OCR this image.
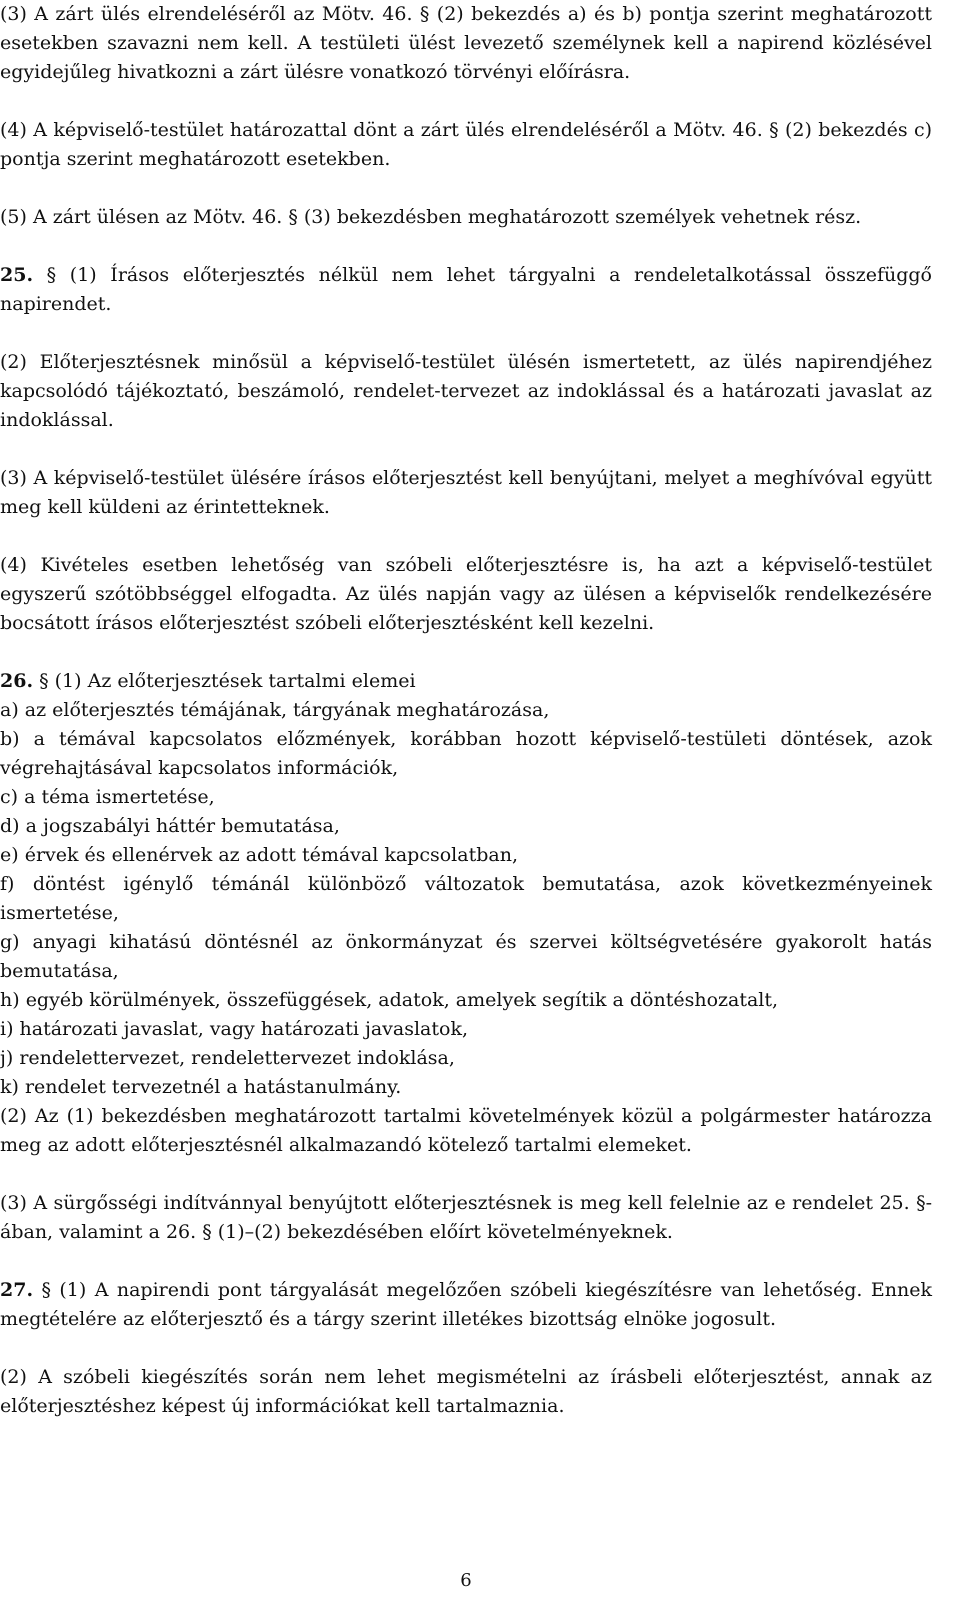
(3) A zárt ülés elrendeléséről az Mötv. 46. § (2) bekezdés a) és b) pontja szerint meghatározott esetekben szavazni nem kell. A testületi ülést levezető személynek kell a napirend közlésével egyidejűleg hivatkozni a zárt ülésre vonatkozó törvényi előírásra.

(4) A képviselő-testület határozattal dönt a zárt ülés elrendeléséről a Mötv. 46. § (2) bekezdés c) pontja szerint meghatározott esetekben.

(5) A zárt ülésen az Mötv. 46. § (3) bekezdésben meghatározott személyek vehetnek rész.

25. § (1) Írásos előterjesztés nélkül nem lehet tárgyalni a rendeletalkotással összefüggő napirendet.

(2) Előterjesztésnek minősül a képviselő-testület ülésén ismertetett, az ülés napirendjéhez kapcsolódó tájékoztató, beszámoló, rendelet-tervezet az indoklással és a határozati javaslat az indoklással.

(3) A képviselő-testület ülésére írásos előterjesztést kell benyújtani, melyet a meghívóval együtt meg kell küldeni az érintetteknek.

(4) Kivételes esetben lehetőség van szóbeli előterjesztésre is, ha azt a képviselő-testület egyszerű szótöbbséggel elfogadta. Az ülés napján vagy az ülésen a képviselők rendelkezésére bocsátott írásos előterjesztést szóbeli előterjesztésként kell kezelni.

26. § (1) Az előterjesztések tartalmi elemei

a) az előterjesztés témájának, tárgyának meghatározása,

b) a témával kapcsolatos előzmények, korábban hozott képviselő-testületi döntések, azok végrehajtásával kapcsolatos információk,

c) a téma ismertetése,

d) a jogszabályi háttér bemutatása,

e) érvek és ellenérvek az adott témával kapcsolatban,

f) döntést igénylő témánál különböző változatok bemutatása, azok következményeinek ismertetése,

g) anyagi kihatású döntésnél az önkormányzat és szervei költségvetésére gyakorolt hatás bemutatása,

h) egyéb körülmények, összefüggések, adatok, amelyek segítik a döntéshozatalt,

i) határozati javaslat, vagy határozati javaslatok,

j) rendelettervezet, rendelettervezet indoklása,

k) rendelet tervezetnél a hatástanulmány.

(2) Az (1) bekezdésben meghatározott tartalmi követelmények közül a polgármester határozza meg az adott előterjesztésnél alkalmazandó kötelező tartalmi elemeket.

(3) A sürgősségi indítvánnyal benyújtott előterjesztésnek is meg kell felelnie az e rendelet 25. §-ában, valamint a 26. § (1)–(2) bekezdésében előírt követelményeknek.

27. § (1) A napirendi pont tárgyalását megelőzően szóbeli kiegészítésre van lehetőség. Ennek megtételére az előterjesztő és a tárgy szerint illetékes bizottság elnöke jogosult.

(2) A szóbeli kiegészítés során nem lehet megismételni az írásbeli előterjesztést, annak az előterjesztéshez képest új információkat kell tartalmaznia.

6
